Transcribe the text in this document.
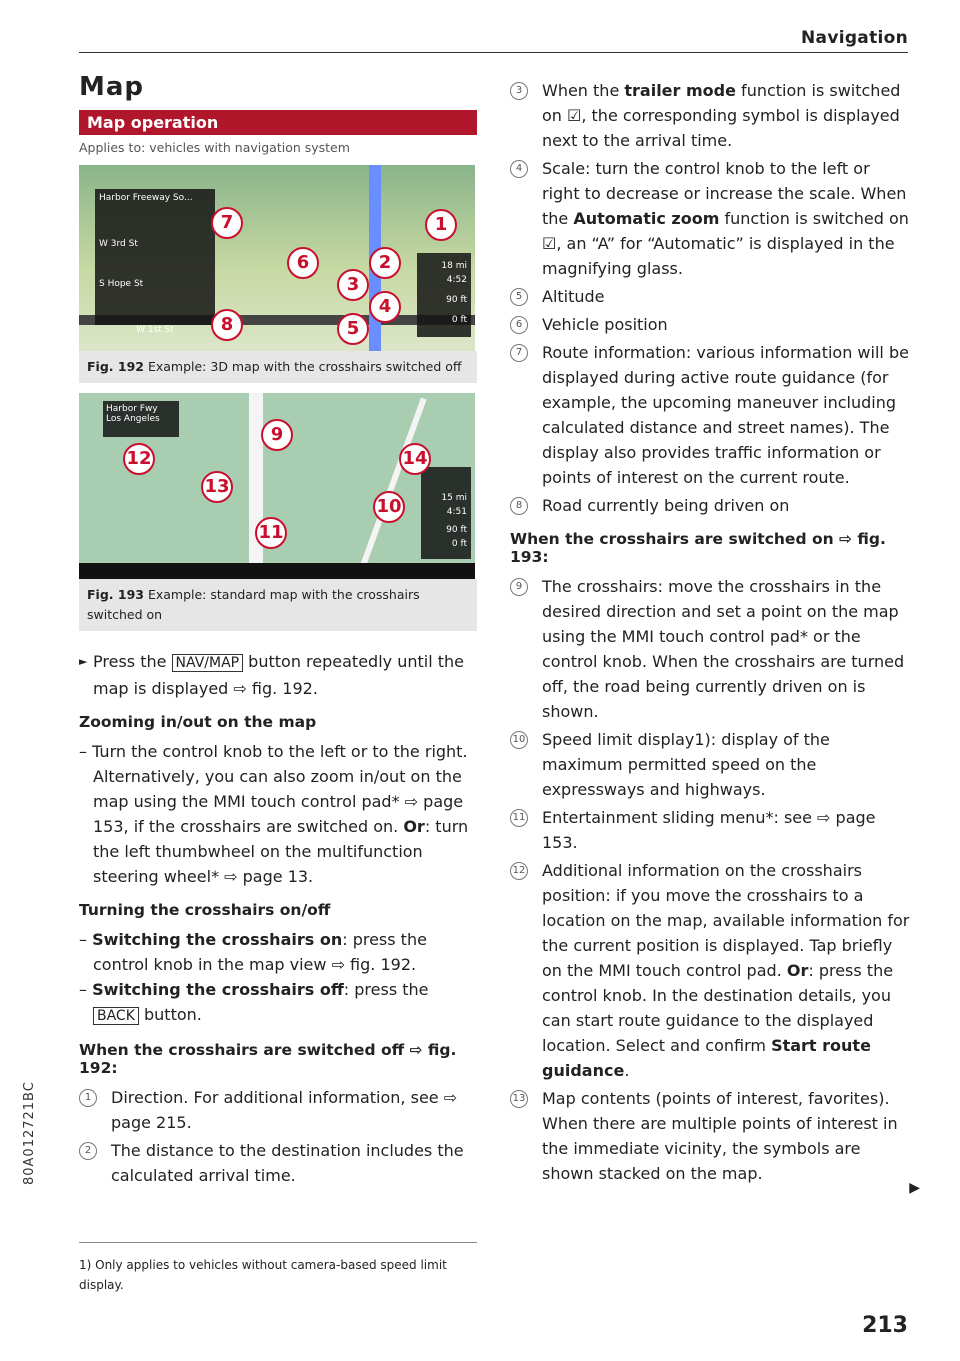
Navigation
80A012721BC
Map
Map operation
Applies to: vehicles with navigation system
Harbor Freeway So...
W 3rd St
S Hope St
W 1st St
18 mi
4:52
90 ft
0 ft
1
2
3
4
5
6
7
8
Fig. 192 Example: 3D map with the crosshairs switched off
Harbor Fwy
Los Angeles
15 mi
4:51
90 ft
0 ft
9
10
11
12
13
14
Fig. 193 Example: standard map with the crosshairs switched on

► Press the NAV/MAP button repeatedly until the map is displayed ⇨ fig. 192.

Zooming in/out on the map

– Turn the control knob to the left or to the right. Alternatively, you can also zoom in/out on the map using the MMI touch control pad* ⇨ page 153, if the crosshairs are switched on. Or: turn the left thumbwheel on the multifunction steering wheel* ⇨ page 13.

Turning the crosshairs on/off

– Switching the crosshairs on: press the control knob in the map view ⇨ fig. 192.

– Switching the crosshairs off: press the BACK button.

When the crosshairs are switched off ⇨ fig. 192:
1	Direction. For additional information, see ⇨ page 215.
2	The distance to the destination includes the calculated arrival time.
3	When the trailer mode function is switched on ☑, the corresponding symbol is displayed next to the arrival time.
4	Scale: turn the control knob to the left or right to decrease or increase the scale. When the Automatic zoom function is switched on ☑, an “A” for “Automatic” is displayed in the magnifying glass.
5	Altitude
6	Vehicle position
7	Route information: various information will be displayed during active route guidance (for example, the upcoming maneuver including calculated distance and street names). The display also provides traffic information or points of interest on the current route.
8	Road currently being driven on
When the crosshairs are switched on ⇨ fig. 193:
9	The crosshairs: move the crosshairs in the desired direction and set a point on the map using the MMI touch control pad* or the control knob. When the crosshairs are turned off, the road being currently driven on is shown.
10 Speed limit display1): display of the maximum permitted speed on the expressways and highways.
11 Entertainment sliding menu*: see ⇨ page 153.
12 Additional information on the crosshairs position: if you move the crosshairs to a location on the map, available information for the current position is displayed. Tap briefly on the MMI touch control pad. Or: press the control knob. In the destination details, you can start route guidance to the displayed location. Select and confirm Start route guidance.
13 Map contents (points of interest, favorites). When there are multiple points of interest in the immediate vicinity, the symbols are shown stacked on the map.
▶
1) Only applies to vehicles without camera-based speed limit display.
213
